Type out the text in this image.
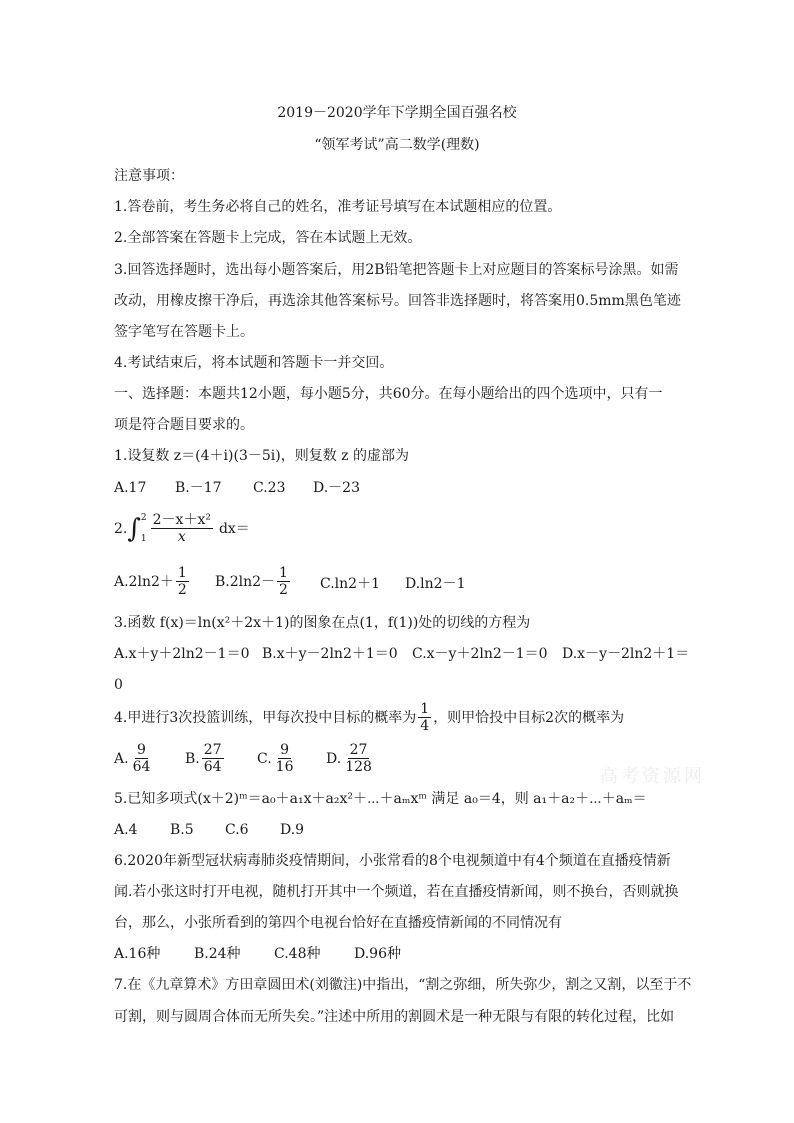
2019－2020学年下学期全国百强名校
“领军考试”高二数学(理数)
注意事项：
1.答卷前，考生务必将自己的姓名，准考证号填写在本试题相应的位置。
2.全部答案在答题卡上完成，答在本试题上无效。
3.回答选择题时，选出每小题答案后，用2B铅笔把答题卡上对应题目的答案标号涂黑。如需
改动，用橡皮擦干净后，再选涂其他答案标号。回答非选择题时，将答案用0.5mm黑色笔迹
签字笔写在答题卡上。
4.考试结束后，将本试题和答题卡一并交回。
一、选择题：本题共12小题，每小题5分，共60分。在每小题给出的四个选项中，只有一
项是符合题目要求的。
1.设复数 z＝(4＋i)(3－5i)，则复数 z 的虚部为
A.17 B.－17 C.23 D.－23
2. ∫ 2
$1 \frac{\text{2－x＋x²}}{x} dx=$
$A.2\ln 2+ \frac{1}{2} B.2\ln 2- \frac{1}{2} C.\ln 2+1$ D.ln2－1
3.函数 f(x)＝ln(x²＋2x＋1)的图象在点(1，f(1))处的切线的方程为
A.x＋y＋2ln2－1＝0 B.x＋y－2ln2＋1＝0 C.x－y＋2ln2－1＝0 D.x－y－2ln2＋1＝
0
4.甲进行3次投篮训练，甲每次投中目标的概率为 $\frac{1}{4}$ ，则甲恰投中目标2次的概率为
A. $\frac{9}{64} B$. $\frac{27}{64} C$. $\frac{9}{16} D$. $\frac{27}{128}$
5.已知多项式(x＋2)ᵐ＝a₀＋a₁x＋a₂x²＋⋯＋aₘxᵐ 满足 a₀＝4，则 a₁＋a₂＋⋯＋aₘ＝
A.4 B.5 C.6 D.9
6.2020年新型冠状病毒肺炎疫情期间，小张常看的8个电视频道中有4个频道在直播疫情新
闻.若小张这时打开电视，随机打开其中一个频道，若在直播疫情新闻，则不换台，否则就换
台，那么，小张所看到的第四个电视台恰好在直播疫情新闻的不同情况有
A.16种 B.24种 C.48种 D.96种
7.在《九章算术》方田章圆田术(刘徽注)中指出，“割之弥细，所失弥少，割之又割，以至于不
可割，则与圆周合体而无所失矣。”注述中所用的割圆术是一种无限与有限的转化过程，比如
高考资源网
